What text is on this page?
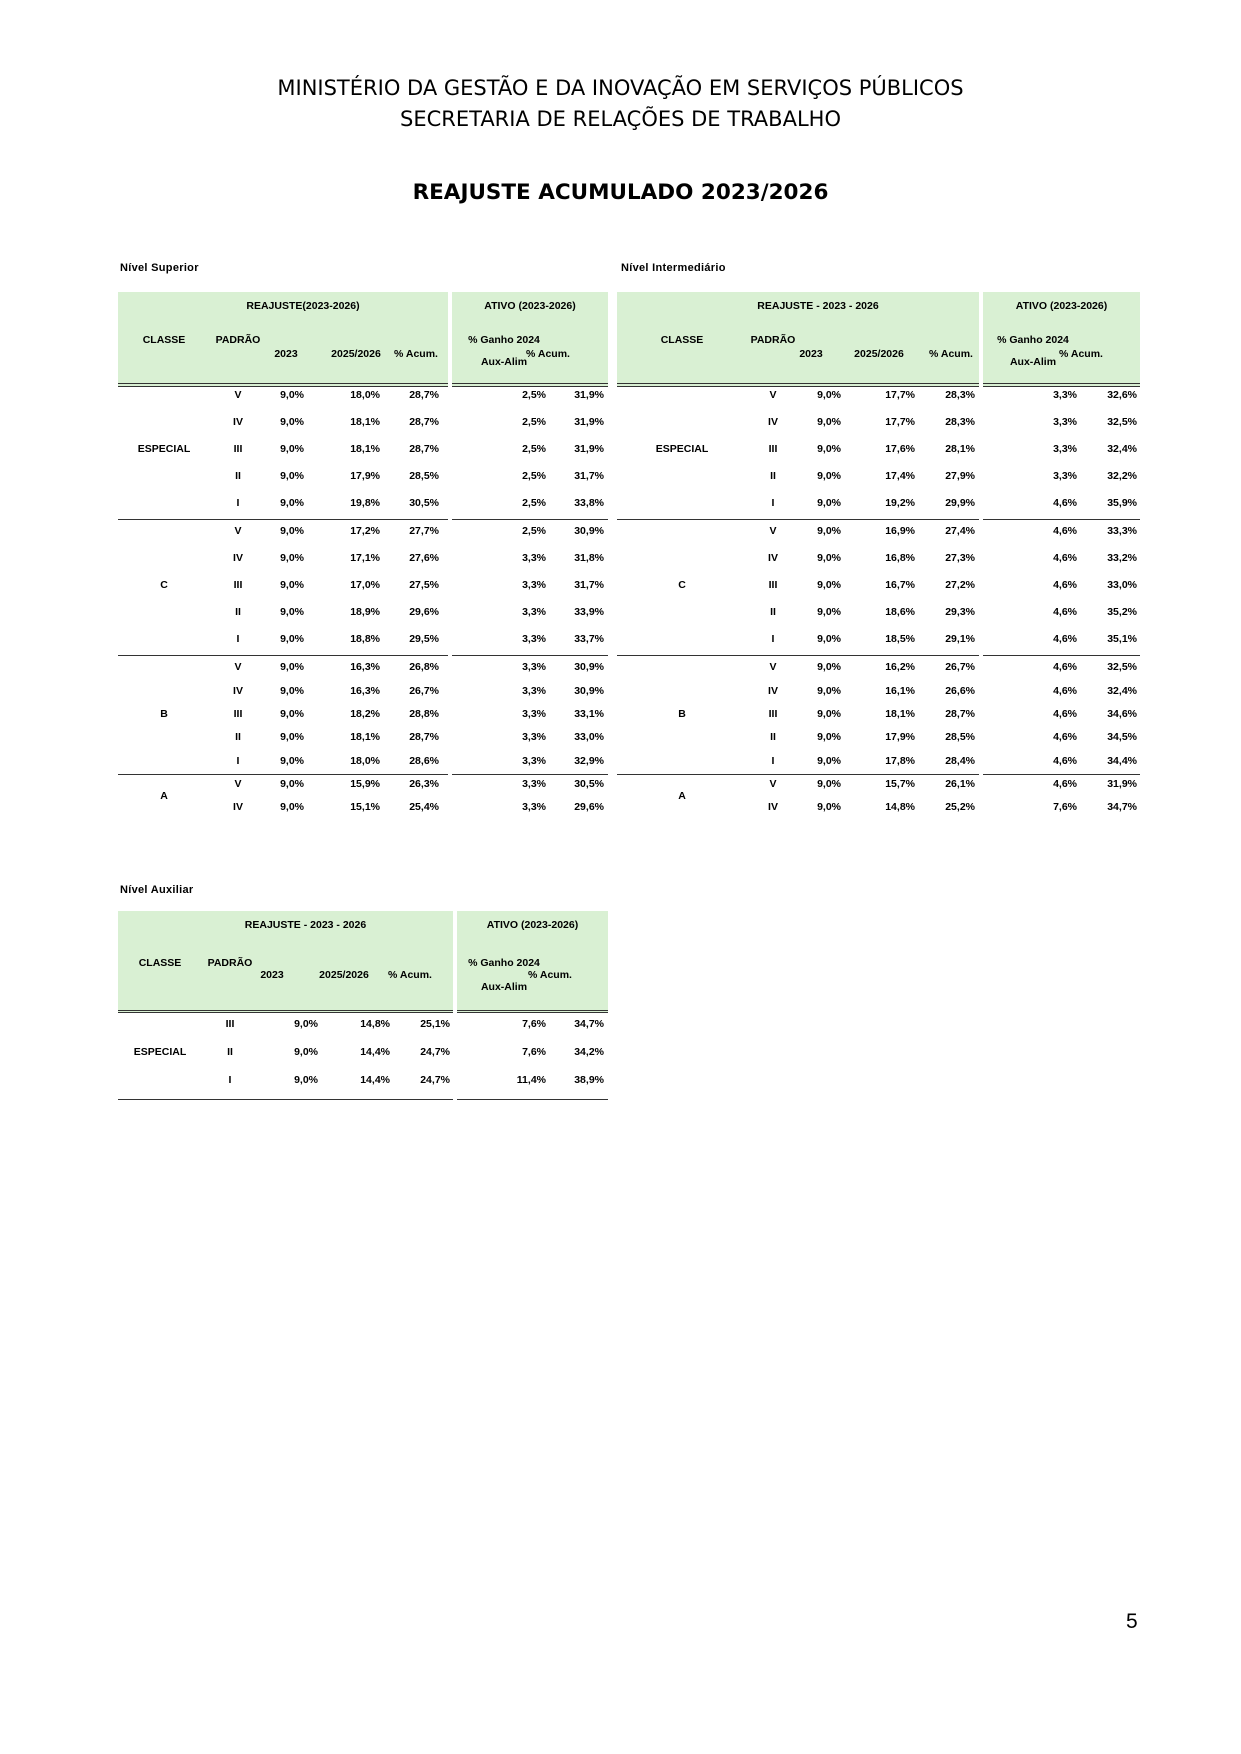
MINISTÉRIO DA GESTÃO E DA INOVAÇÃO EM SERVIÇOS PÚBLICOS
SECRETARIA DE RELAÇÕES DE TRABALHO
REAJUSTE ACUMULADO 2023/2026
Nível Superior	Nível Intermediário
Nível Auxiliar
REAJUSTE(2023-2026)	ATIVO (2023-2026)
CLASSE	PADRÃO
2023	2025/2026	% Acum.
% Ganho 2024
Aux-Alim
% Acum.
ESPECIAL
V	9,0%	18,0%	28,7%	2,5%	31,9%
IV	9,0%	18,1%	28,7%	2,5%	31,9%
III	9,0%	18,1%	28,7%	2,5%	31,9%
II	9,0%	17,9%	28,5%	2,5%	31,7%
I	9,0%	19,8%	30,5%	2,5%	33,8%
C
V	9,0%	17,2%	27,7%	2,5%	30,9%
IV	9,0%	17,1%	27,6%	3,3%	31,8%
III	9,0%	17,0%	27,5%	3,3%	31,7%
II	9,0%	18,9%	29,6%	3,3%	33,9%
I	9,0%	18,8%	29,5%	3,3%	33,7%
B
V	9,0%	16,3%	26,8%	3,3%	30,9%
IV	9,0%	16,3%	26,7%	3,3%	30,9%
III	9,0%	18,2%	28,8%	3,3%	33,1%
II	9,0%	18,1%	28,7%	3,3%	33,0%
I	9,0%	18,0%	28,6%	3,3%	32,9%
A
V	9,0%	15,9%	26,3%	3,3%	30,5%
IV	9,0%	15,1%	25,4%	3,3%	29,6%
REAJUSTE - 2023 - 2026	ATIVO (2023-2026)
CLASSE	PADRÃO
2023	2025/2026	% Acum.
% Ganho 2024
Aux-Alim
% Acum.
ESPECIAL
V	9,0%	17,7%	28,3%	3,3%	32,6%
IV	9,0%	17,7%	28,3%	3,3%	32,5%
III	9,0%	17,6%	28,1%	3,3%	32,4%
II	9,0%	17,4%	27,9%	3,3%	32,2%
I	9,0%	19,2%	29,9%	4,6%	35,9%
C
V	9,0%	16,9%	27,4%	4,6%	33,3%
IV	9,0%	16,8%	27,3%	4,6%	33,2%
III	9,0%	16,7%	27,2%	4,6%	33,0%
II	9,0%	18,6%	29,3%	4,6%	35,2%
I	9,0%	18,5%	29,1%	4,6%	35,1%
B
V	9,0%	16,2%	26,7%	4,6%	32,5%
IV	9,0%	16,1%	26,6%	4,6%	32,4%
III	9,0%	18,1%	28,7%	4,6%	34,6%
II	9,0%	17,9%	28,5%	4,6%	34,5%
I	9,0%	17,8%	28,4%	4,6%	34,4%
A
V	9,0%	15,7%	26,1%	4,6%	31,9%
IV	9,0%	14,8%	25,2%	7,6%	34,7%
REAJUSTE - 2023 - 2026	ATIVO (2023-2026)
CLASSE	PADRÃO
2023	2025/2026	% Acum.
% Ganho 2024
Aux-Alim
% Acum.
ESPECIAL
III	9,0%	14,8%	25,1%	7,6%	34,7%
II	9,0%	14,4%	24,7%	7,6%	34,2%
I	9,0%	14,4%	24,7%	11,4%	38,9%
5
